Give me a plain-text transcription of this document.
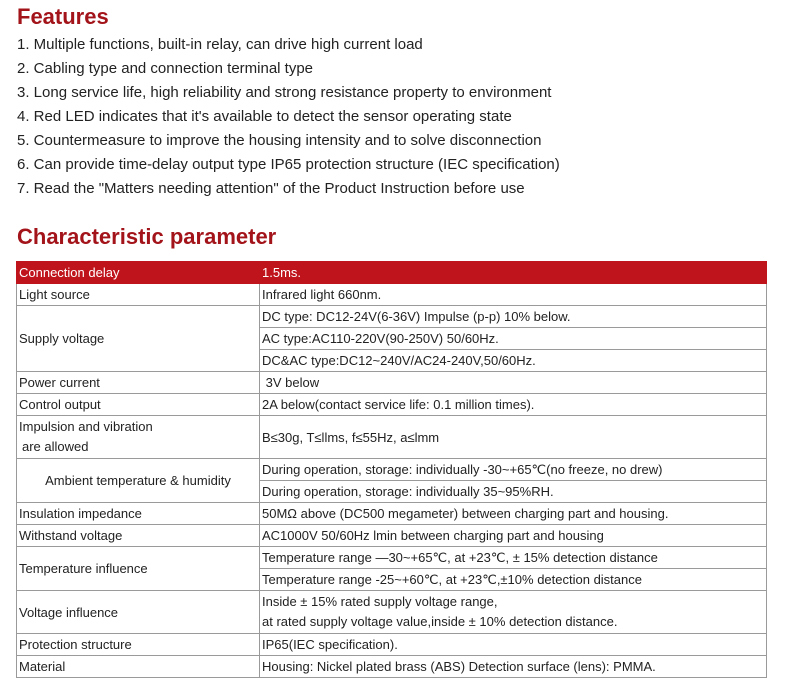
Features
1. Multiple functions, built-in relay, can drive high current load
2. Cabling type and connection terminal type
3. Long service life, high reliability and strong resistance property to environment
4. Red LED indicates that it's available to detect the sensor operating state
5. Countermeasure to improve the housing intensity and to solve disconnection
6. Can provide time-delay output type IP65 protection structure (IEC specification)
7. Read the "Matters needing attention" of the Product Instruction before use
Characteristic parameter
Connection delay	1.5ms.
Light source	Infrared light 660nm.
Supply voltage	DC type: DC12-24V(6-36V) Impulse (p-p) 10% below.
	AC type:AC110-220V(90-250V) 50/60Hz.
	DC&AC type:DC12~240V/AC24-240V,50/60Hz.
Power current	3V below
Control output	2A below(contact service life: 0.1 million times).

Impulsion and vibration
are allowed	B≤30g, T≤llms, f≤55Hz, a≤lmm
Ambient temperature & humidity	During operation, storage: individually -30~+65℃(no freeze, no drew)
	During operation, storage: individually 35~95%RH.
Insulation impedance	50MΩ above (DC500 megameter) between charging part and housing.
Withstand voltage	AC1000V 50/60Hz lmin between charging part and housing
Temperature influence	Temperature range —30~+65℃, at +23℃, ± 15% detection distance
	Temperature range -25~+60℃, at +23℃,±10% detection distance
Voltage influence	Inside ± 15% rated supply voltage range,
at rated supply voltage value,inside ± 10% detection distance.

Protection structure	IP65(IEC specification).
Material	Housing: Nickel plated brass (ABS) Detection surface (lens): PMMA.
